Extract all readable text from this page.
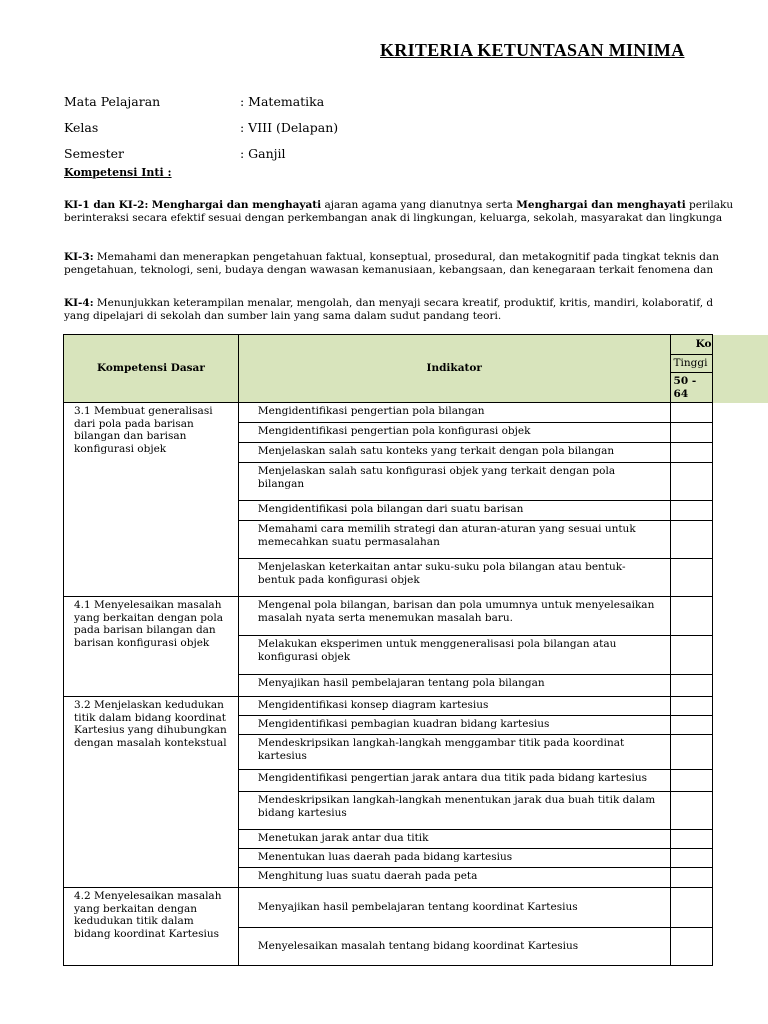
KRITERIA KETUNTASAN MINIMA
Mata Pelajaran	: Matematika
Kelas	: VIII (Delapan)
Semester	: Ganjil
Kompetensi Inti :
KI-1 dan KI-2: Menghargai dan menghayati ajaran agama yang dianutnya serta Menghargai dan menghayati perilaku
berinteraksi secara efektif sesuai dengan perkembangan anak di lingkungan, keluarga, sekolah, masyarakat dan lingkunga
KI-3: Memahami dan menerapkan pengetahuan faktual, konseptual, prosedural, dan metakognitif pada tingkat teknis dan
pengetahuan, teknologi, seni, budaya dengan wawasan kemanusiaan, kebangsaan, dan kenegaraan terkait fenomena dan
KI-4: Menunjukkan keterampilan menalar, mengolah, dan menyaji secara kreatif, produktif, kritis, mandiri, kolaboratif, d
yang dipelajari di sekolah dan sumber lain yang sama dalam sudut pandang teori.
Kompetensi Dasar	Indikator	Ko	
		Tinggi	
		50 - 64	
3.1 Membuat generalisasi dari pola pada barisan bilangan dan barisan konfigurasi objek	Mengidentifikasi pengertian pola bilangan		
	Mengidentifikasi pengertian pola konfigurasi objek		
	Menjelaskan salah satu konteks yang terkait dengan pola bilangan		
	Menjelaskan salah satu konfigurasi objek yang terkait dengan pola bilangan		
	Mengidentifikasi pola bilangan dari suatu barisan		
	Memahami cara memilih strategi dan aturan-aturan yang sesuai untuk memecahkan suatu permasalahan		
	Menjelaskan keterkaitan antar suku-suku pola bilangan atau bentuk-bentuk pada konfigurasi objek		
4.1 Menyelesaikan masalah yang berkaitan dengan pola pada barisan bilangan dan barisan konfigurasi objek	Mengenal pola bilangan, barisan dan pola umumnya untuk menyelesaikan masalah nyata serta menemukan masalah baru.		
	Melakukan eksperimen untuk menggeneralisasi pola bilangan atau konfigurasi objek		
	Menyajikan hasil pembelajaran tentang pola bilangan		
3.2 Menjelaskan kedudukan titik dalam bidang koordinat Kartesius yang dihubungkan dengan masalah kontekstual	Mengidentifikasi konsep diagram kartesius		
	Mengidentifikasi pembagian kuadran bidang kartesius		
	Mendeskripsikan langkah-langkah menggambar titik pada koordinat kartesius		
	Mengidentifikasi pengertian jarak antara dua titik pada bidang kartesius		
	Mendeskripsikan langkah-langkah menentukan jarak dua buah titik dalam bidang kartesius		
	Menetukan jarak antar dua titik		
	Menentukan luas daerah pada bidang kartesius		
	Menghitung luas suatu daerah pada peta		
4.2 Menyelesaikan masalah yang berkaitan dengan kedudukan titik dalam bidang koordinat Kartesius	Menyajikan hasil pembelajaran tentang koordinat Kartesius		
	Menyelesaikan masalah tentang bidang koordinat Kartesius		
